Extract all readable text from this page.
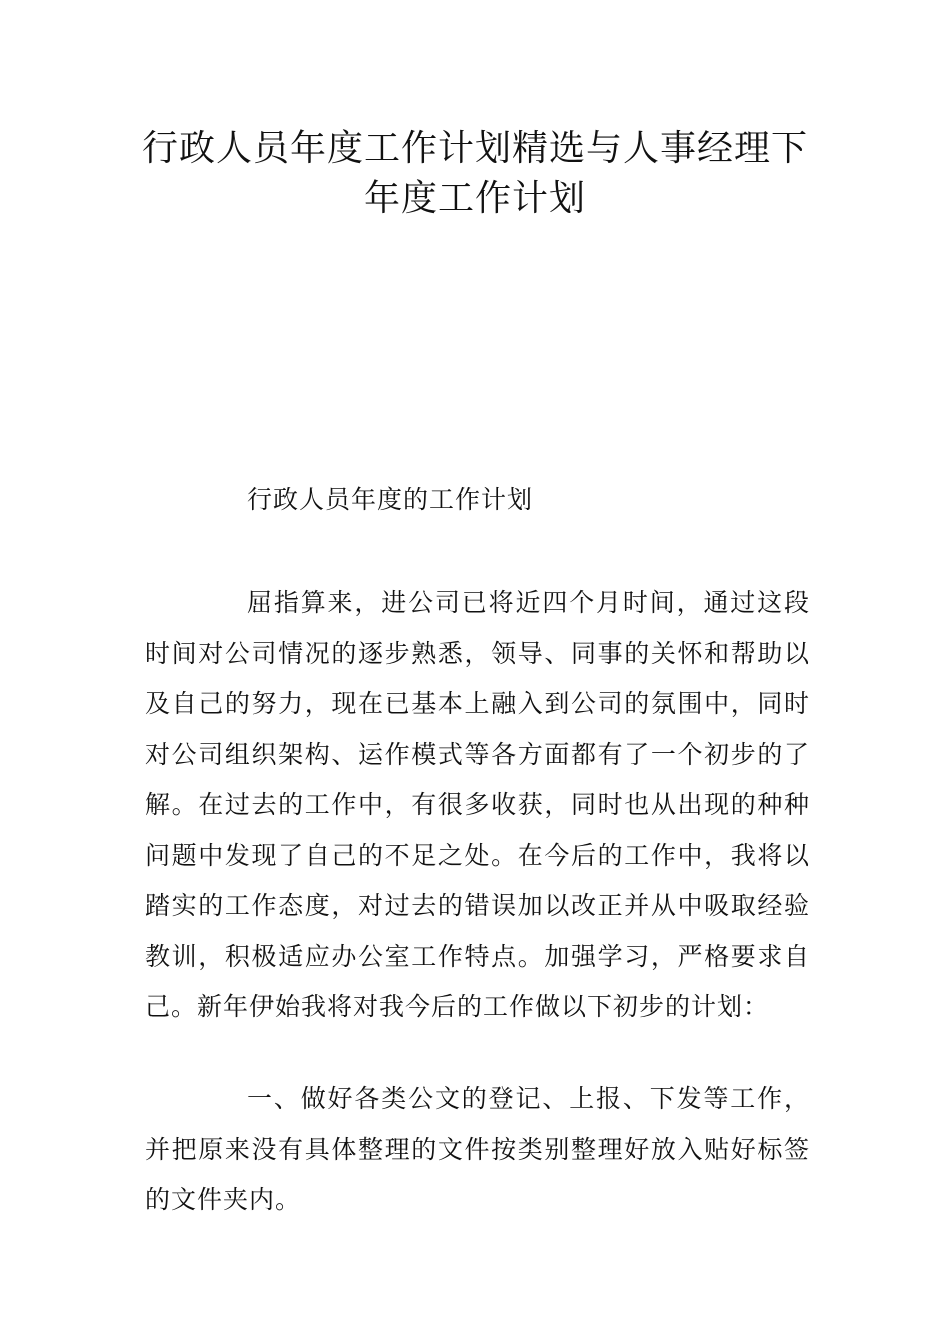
行政人员年度工作计划精选与人事经理下
年度工作计划

行政人员年度的工作计划

屈指算来，进公司已将近四个月时间，通过这段时间对公司情况的逐步熟悉，领导、同事的关怀和帮助以及自己的努力，现在已基本上融入到公司的氛围中，同时对公司组织架构、运作模式等各方面都有了一个初步的了解。在过去的工作中，有很多收获，同时也从出现的种种问题中发现了自己的不足之处。在今后的工作中，我将以踏实的工作态度，对过去的错误加以改正并从中吸取经验教训，积极适应办公室工作特点。加强学习，严格要求自己。新年伊始我将对我今后的工作做以下初步的计划：

一、做好各类公文的登记、上报、下发等工作，并把原来没有具体整理的文件按类别整理好放入贴好标签的文件夹内。
